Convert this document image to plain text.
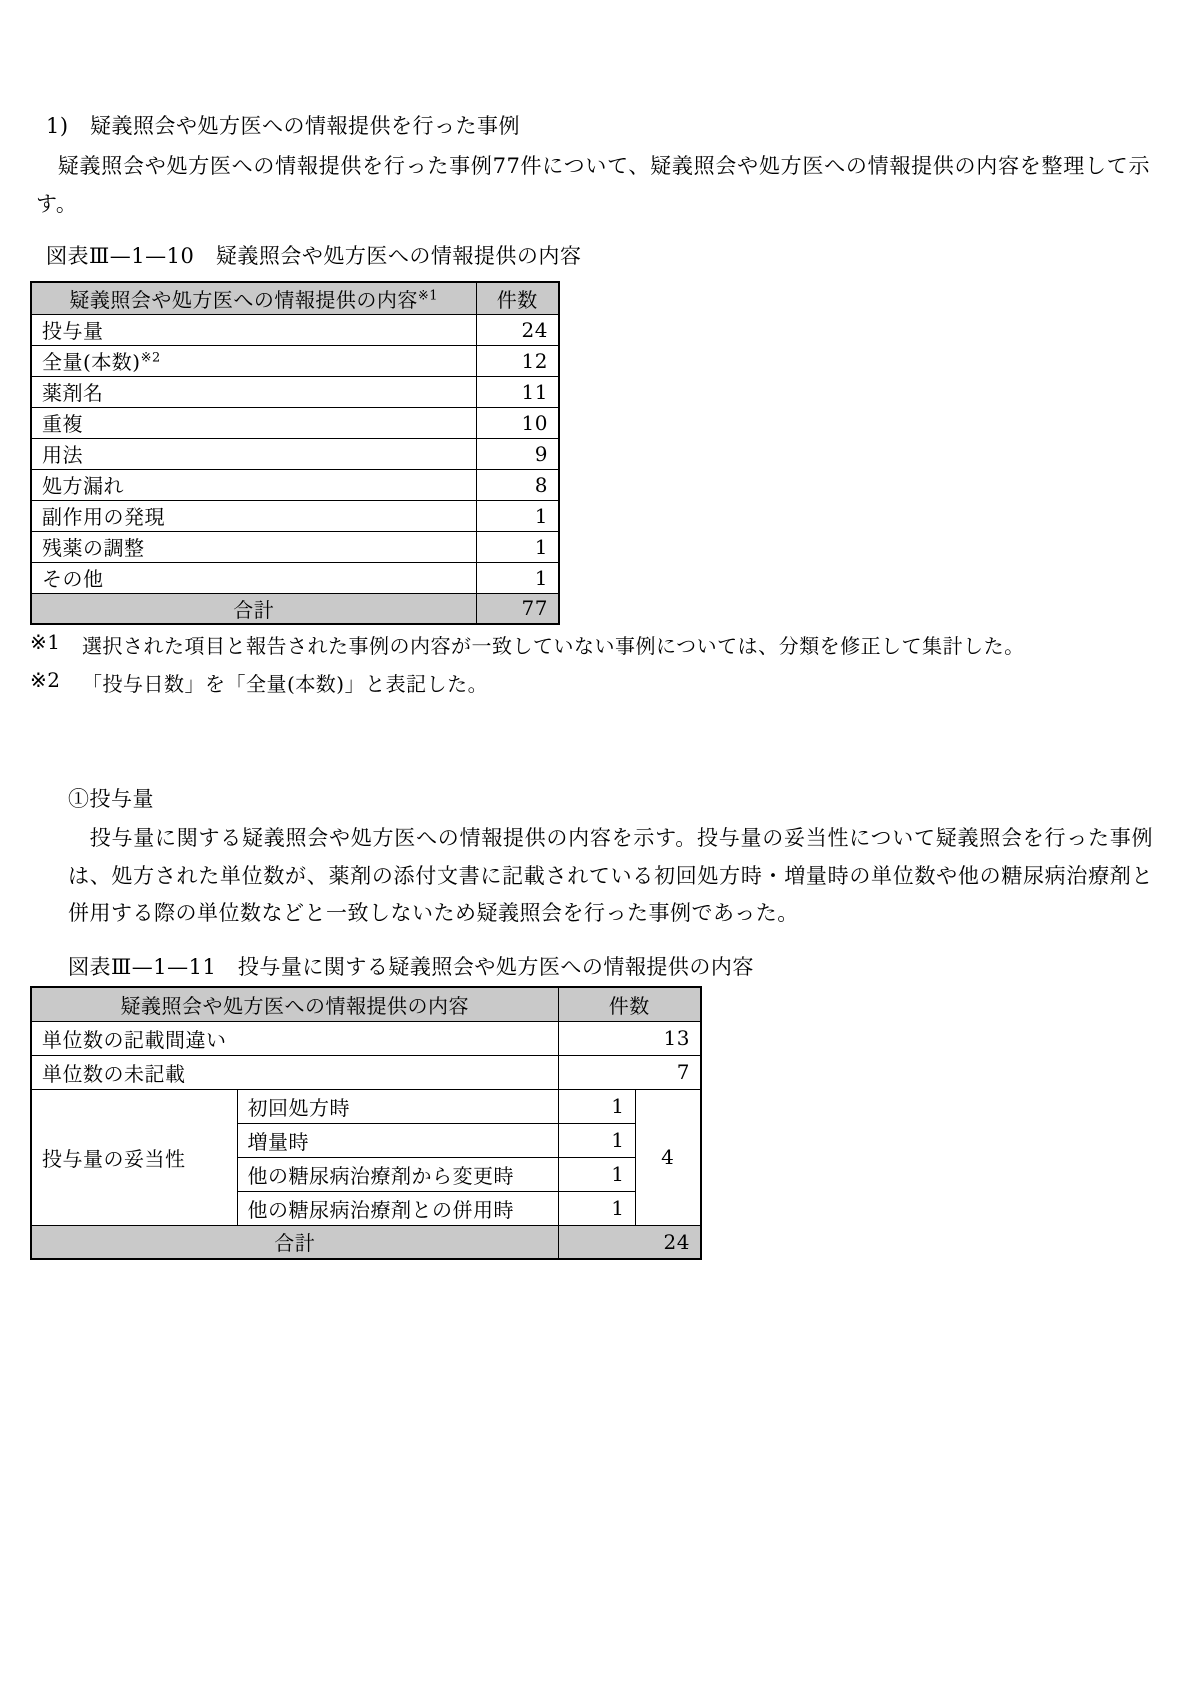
1)　疑義照会や処方医への情報提供を行った事例
　疑義照会や処方医への情報提供を行った事例77件について、疑義照会や処方医への情報提供の内容を整理して示す。
図表Ⅲ—1—10　疑義照会や処方医への情報提供の内容
疑義照会や処方医への情報提供の内容$^{※1}$	件数
投与量	24
全量(本数)$^{※2}$	12
薬剤名	11
重複	10
用法	9
処方漏れ	8
副作用の発現	1
残薬の調整	1
その他	1
合計	77
※1	選択された項目と報告された事例の内容が一致していない事例については、分類を修正して集計した。
※2	「投与日数」を「全量(本数)」と表記した。
①投与量
　投与量に関する疑義照会や処方医への情報提供の内容を示す。投与量の妥当性について疑義照会を行った事例は、処方された単位数が、薬剤の添付文書に記載されている初回処方時・増量時の単位数や他の糖尿病治療剤と併用する際の単位数などと一致しないため疑義照会を行った事例であった。
図表Ⅲ—1—11　投与量に関する疑義照会や処方医への情報提供の内容
疑義照会や処方医への情報提供の内容		件数	
単位数の記載間違い		13	
単位数の未記載		7	
投与量の妥当性	初回処方時	1	4
	増量時	1	
	他の糖尿病治療剤から変更時	1	
	他の糖尿病治療剤との併用時	1	
合計		24	
